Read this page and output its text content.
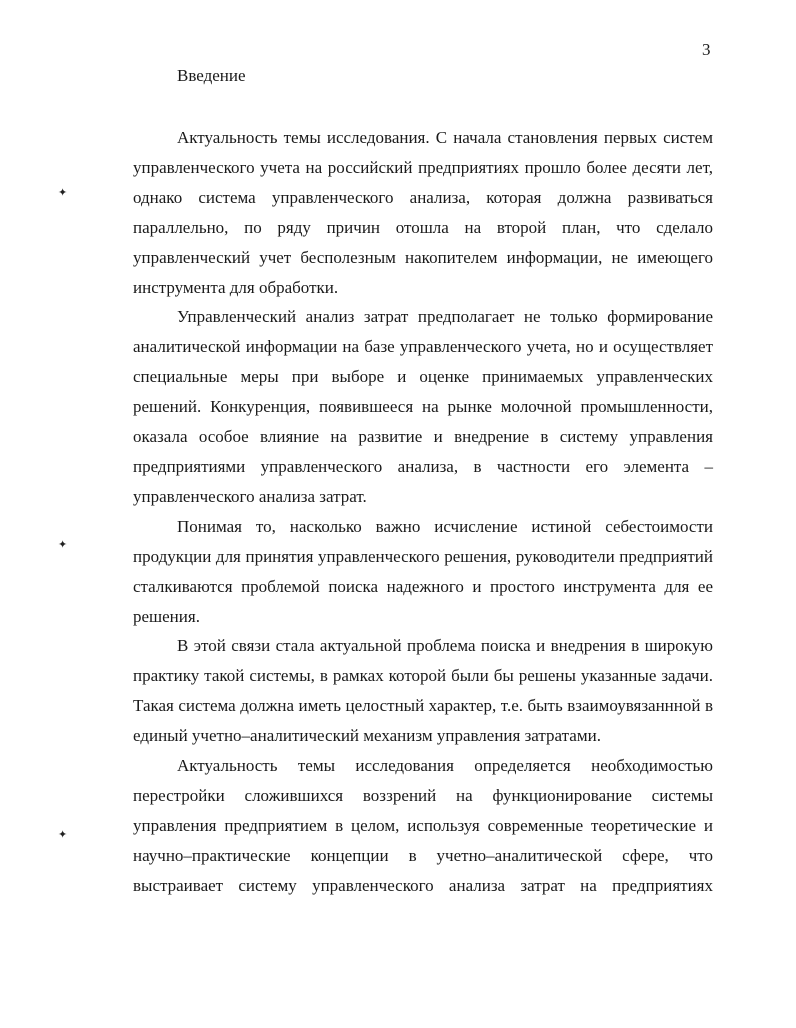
3
Введение
✦
✦
✦

Актуальность темы исследования. С начала становления первых систем управленческого учета на российский предприятиях прошло более десяти лет, однако система управленческого анализа, которая должна развиваться параллельно, по ряду причин отошла на второй план, что сделало управленческий учет бесполезным накопителем информации, не имеющего инструмента для обработки.

Управленческий анализ затрат предполагает не только формирование аналитической информации на базе управленческого учета, но и осуществляет специальные меры при выборе и оценке принимаемых управленческих решений. Конкуренция, появившееся на рынке молочной промышленности, оказала особое влияние на развитие и внедрение в систему управления предприятиями управленческого анализа, в частности его элемента – управленческого анализа затрат.

Понимая то, насколько важно исчисление истиной себестоимости продукции для принятия управленческого решения, руководители предприятий сталкиваются проблемой поиска надежного и простого инструмента для ее решения.

В этой связи стала актуальной проблема поиска и внедрения в широкую практику такой системы, в рамках которой были бы решены указанные задачи. Такая система должна иметь целостный характер, т.е. быть взаимоувязаннной в единый учетно–аналитический механизм управления затратами.

Актуальность темы исследования определяется необходимостью перестройки сложившихся воззрений на функционирование системы управления предприятием в целом, используя современные теоретические и научно–практические концепции в учетно–аналитической сфере, что выстраивает систему управленческого анализа затрат на предприятиях
